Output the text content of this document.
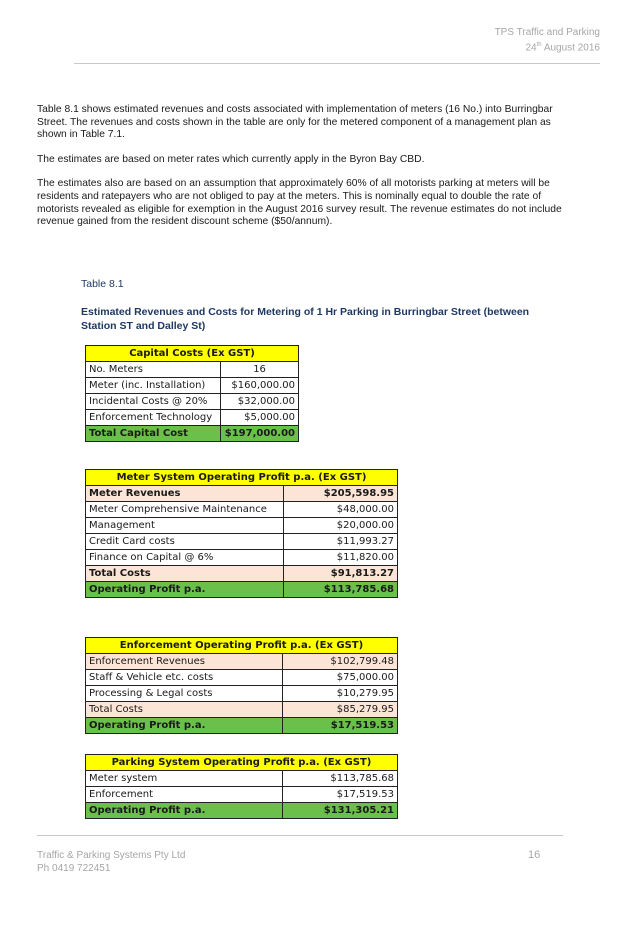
TPS Traffic and Parking
24th August 2016

Table 8.1 shows estimated revenues and costs associated with implementation of meters (16 No.) into Burringbar Street. The revenues and costs shown in the table are only for the metered component of a management plan as shown in Table 7.1.

The estimates are based on meter rates which currently apply in the Byron Bay CBD.

The estimates also are based on an assumption that approximately 60% of all motorists parking at meters will be residents and ratepayers who are not obliged to pay at the meters. This is nominally equal to double the rate of motorists revealed as eligible for exemption in the August 2016 survey result. The revenue estimates do not include revenue gained from the resident discount scheme ($50/annum).

Table 8.1
Estimated Revenues and Costs for Metering of 1 Hr Parking in Burringbar Street (between Station ST and Dalley St)
Capital Costs (Ex GST)	
No. Meters	16
Meter (inc. Installation)	$160,000.00
Incidental Costs @ 20%	$32,000.00
Enforcement Technology	$5,000.00
Total Capital Cost	$197,000.00
Meter System Operating Profit p.a. (Ex GST)	
Meter Revenues	$205,598.95
Meter Comprehensive Maintenance	$48,000.00
Management	$20,000.00
Credit Card costs	$11,993.27
Finance on Capital @ 6%	$11,820.00
Total Costs	$91,813.27
Operating Profit p.a.	$113,785.68
Enforcement Operating Profit p.a. (Ex GST)	
Enforcement Revenues	$102,799.48
Staff & Vehicle etc. costs	$75,000.00
Processing & Legal costs	$10,279.95
Total Costs	$85,279.95
Operating Profit p.a.	$17,519.53
Parking System Operating Profit p.a. (Ex GST)	
Meter system	$113,785.68
Enforcement	$17,519.53
Operating Profit p.a.	$131,305.21
Traffic & Parking Systems Pty Ltd
Ph 0419 722451
16
